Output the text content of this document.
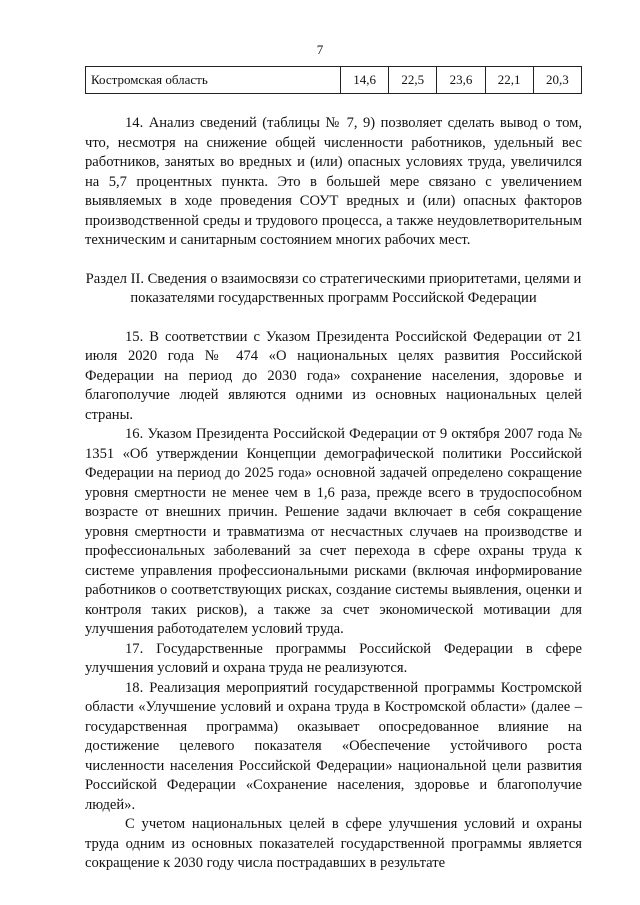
7
Костромская область	14,6	22,5	23,6	22,1	20,3

14. Анализ сведений (таблицы № 7, 9) позволяет сделать вывод о том, что, несмотря на снижение общей численности работников, удельный вес работников, занятых во вредных и (или) опасных условиях труда, увеличился на 5,7 процентных пункта. Это в большей мере связано с увеличением выявляемых в ходе проведения СОУТ вредных и (или) опасных факторов производственной среды и трудового процесса, а также неудовлетворительным техническим и санитарным состоянием многих рабочих мест.

Раздел II. Сведения о взаимосвязи со стратегическими приоритетами, целями и показателями государственных программ Российской Федерации

15. В соответствии с Указом Президента Российской Федерации от 21 июля 2020 года № 474 «О национальных целях развития Российской Федерации на период до 2030 года» сохранение населения, здоровье и благополучие людей являются одними из основных национальных целей страны.

16. Указом Президента Российской Федерации от 9 октября 2007 года № 1351 «Об утверждении Концепции демографической политики Российской Федерации на период до 2025 года» основной задачей определено сокращение уровня смертности не менее чем в 1,6 раза, прежде всего в трудоспособном возрасте от внешних причин. Решение задачи включает в себя сокращение уровня смертности и травматизма от несчастных случаев на производстве и профессиональных заболеваний за счет перехода в сфере охраны труда к системе управления профессиональными рисками (включая информирование работников о соответствующих рисках, создание системы выявления, оценки и контроля таких рисков), а также за счет экономической мотивации для улучшения работодателем условий труда.

17. Государственные программы Российской Федерации в сфере улучшения условий и охрана труда не реализуются.

18. Реализация мероприятий государственной программы Костромской области «Улучшение условий и охрана труда в Костромской области» (далее – государственная программа) оказывает опосредованное влияние на достижение целевого показателя «Обеспечение устойчивого роста численности населения Российской Федерации» национальной цели развития Российской Федерации «Сохранение населения, здоровье и благополучие людей».

С учетом национальных целей в сфере улучшения условий и охраны труда одним из основных показателей государственной программы является сокращение к 2030 году числа пострадавших в результате
